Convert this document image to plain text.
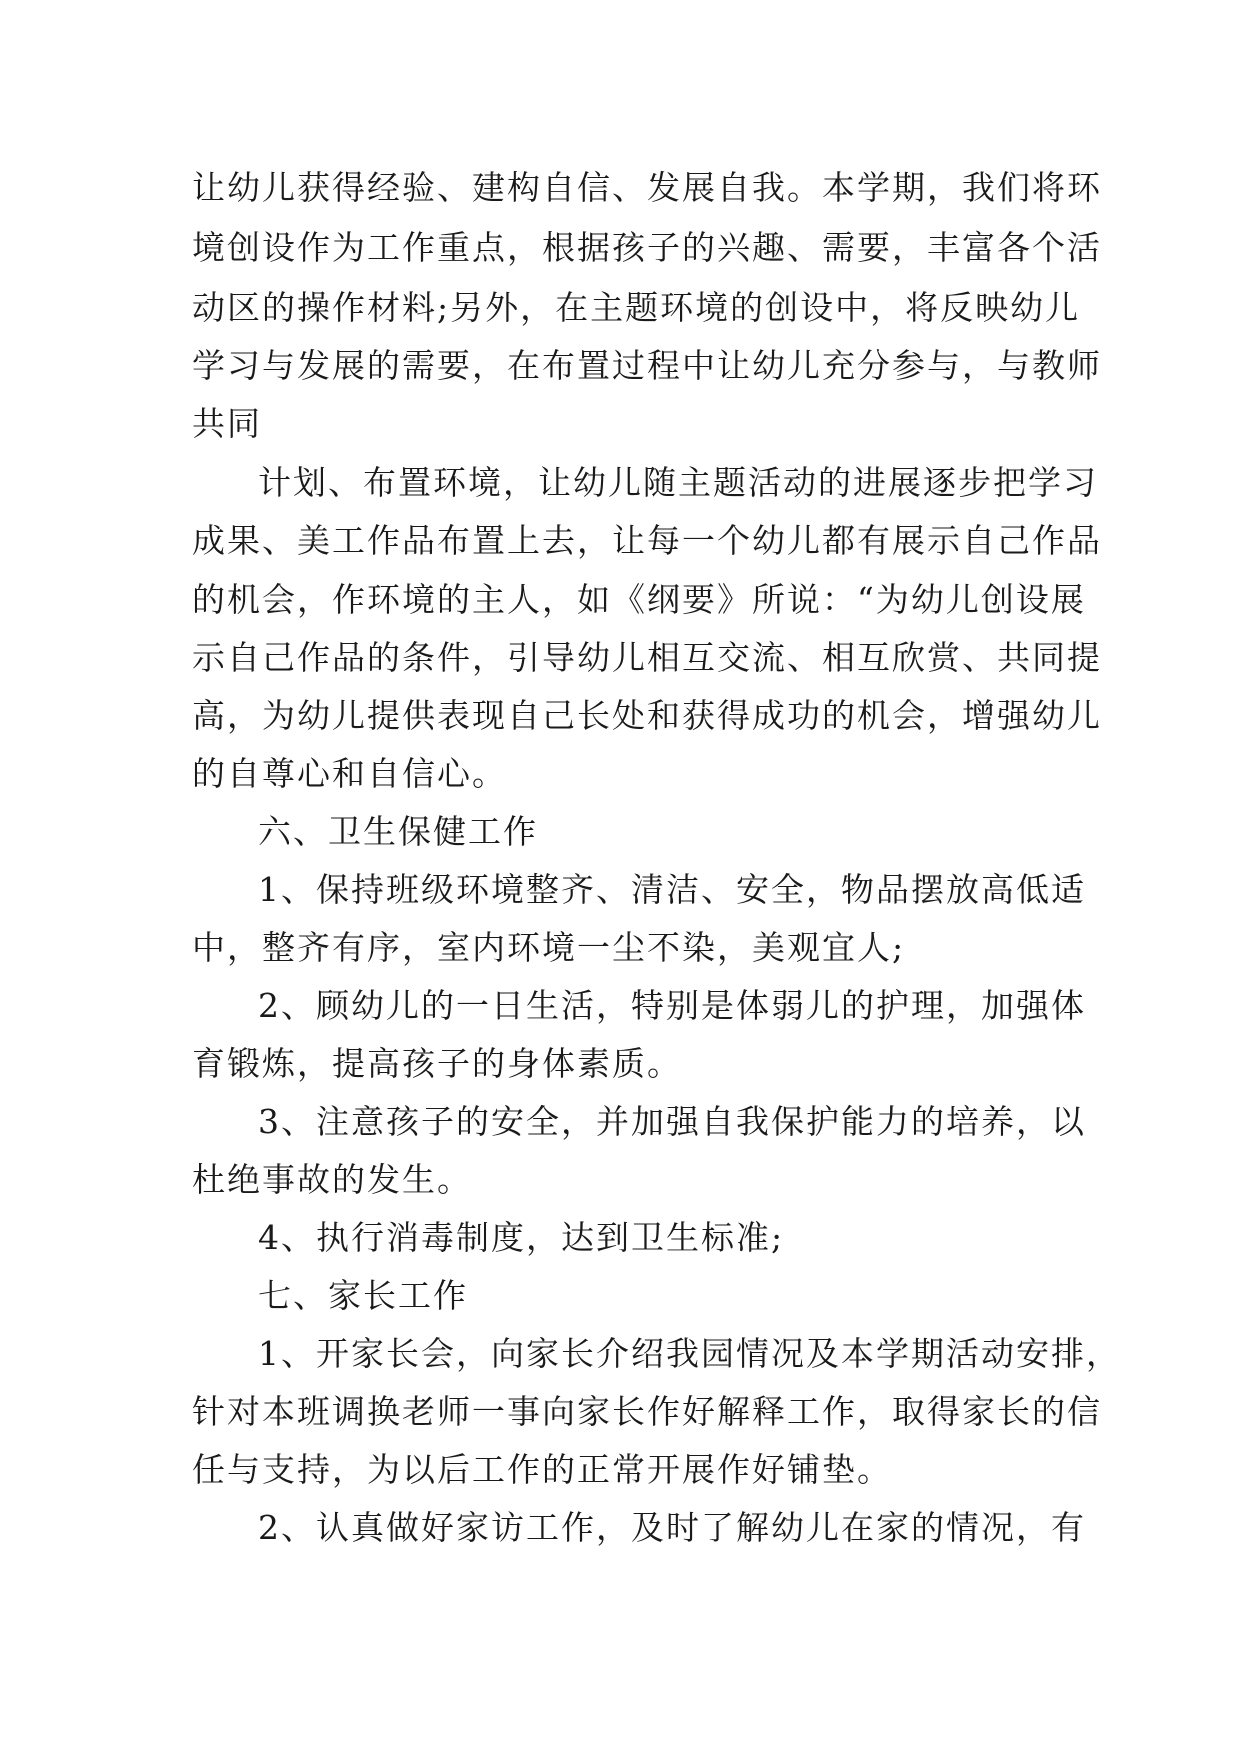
让幼儿获得经验、建构自信、发展自我。本学期，我们将环
境创设作为工作重点，根据孩子的兴趣、需要，丰富各个活
动区的操作材料;另外，在主题环境的创设中，将反映幼儿
学习与发展的需要，在布置过程中让幼儿充分参与，与教师
共同
计划、布置环境，让幼儿随主题活动的进展逐步把学习
成果、美工作品布置上去，让每一个幼儿都有展示自己作品
的机会，作环境的主人，如《纲要》所说：“为幼儿创设展
示自己作品的条件，引导幼儿相互交流、相互欣赏、共同提
高，为幼儿提供表现自己长处和获得成功的机会，增强幼儿
的自尊心和自信心。
六、卫生保健工作
1、保持班级环境整齐、清洁、安全，物品摆放高低适
中，整齐有序，室内环境一尘不染，美观宜人;
2、顾幼儿的一日生活，特别是体弱儿的护理，加强体
育锻炼，提高孩子的身体素质。
3、注意孩子的安全，并加强自我保护能力的培养，以
杜绝事故的发生。
4、执行消毒制度，达到卫生标准;
七、家长工作
1、开家长会，向家长介绍我园情况及本学期活动安排，
针对本班调换老师一事向家长作好解释工作，取得家长的信
任与支持，为以后工作的正常开展作好铺垫。
2、认真做好家访工作，及时了解幼儿在家的情况，有
